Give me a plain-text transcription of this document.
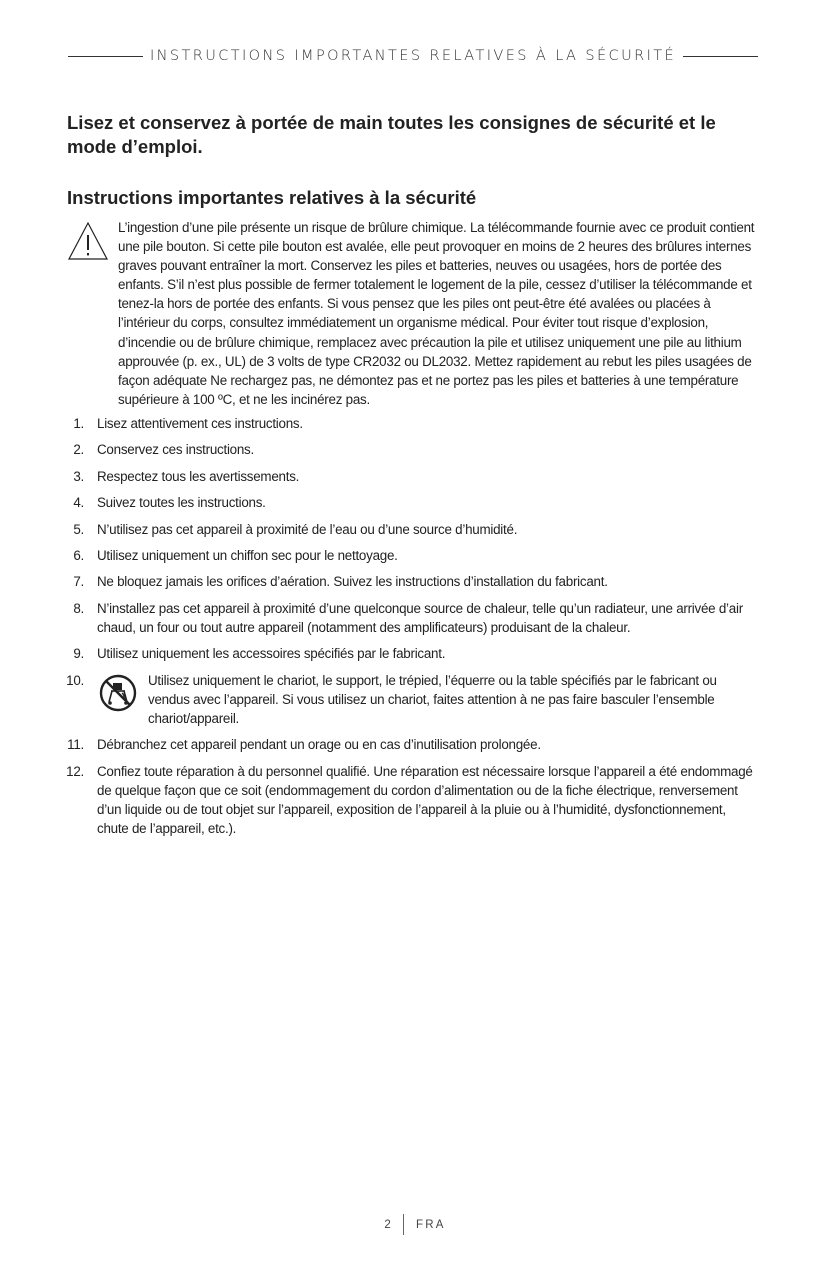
INSTRUCTIONS IMPORTANTES RELATIVES À LA SÉCURITÉ
Lisez et conservez à portée de main toutes les consignes de sécurité et le mode d’emploi.
Instructions importantes relatives à la sécurité
L’ingestion d’une pile présente un risque de brûlure chimique. La télécommande fournie avec ce produit contient une pile bouton. Si cette pile bouton est avalée, elle peut provoquer en moins de 2 heures des brûlures internes graves pouvant entraîner la mort. Conservez les piles et batteries, neuves ou usagées, hors de portée des enfants. S’il n’est plus possible de fermer totalement le logement de la pile, cessez d’utiliser la télécommande et tenez-la hors de portée des enfants. Si vous pensez que les piles ont peut-être été avalées ou placées à l’intérieur du corps, consultez immédiatement un organisme médical. Pour éviter tout risque d’explosion, d’incendie ou de brûlure chimique, remplacez avec précaution la pile et utilisez uniquement une pile au lithium approuvée (p. ex., UL) de 3 volts de type CR2032 ou DL2032. Mettez rapidement au rebut les piles usagées de façon adéquate Ne rechargez pas, ne démontez pas et ne portez pas les piles et batteries à une température supérieure à 100 ºC, et ne les incinérez pas.
1. Lisez attentivement ces instructions.
2. Conservez ces instructions.
3. Respectez tous les avertissements.
4. Suivez toutes les instructions.
5. N’utilisez pas cet appareil à proximité de l’eau ou d’une source d’humidité.
6. Utilisez uniquement un chiffon sec pour le nettoyage.
7. Ne bloquez jamais les orifices d’aération. Suivez les instructions d’installation du fabricant.
8. N’installez pas cet appareil à proximité d’une quelconque source de chaleur, telle qu’un radiateur, une arrivée d’air chaud, un four ou tout autre appareil (notamment des amplificateurs) produisant de la chaleur.
9. Utilisez uniquement les accessoires spécifiés par le fabricant.
10.	Utilisez uniquement le chariot, le support, le trépied, l’équerre ou la table spécifiés par le fabricant ou vendus avec l’appareil. Si vous utilisez un chariot, faites attention à ne pas faire basculer l’ensemble chariot/appareil.
11. Débranchez cet appareil pendant un orage ou en cas d’inutilisation prolongée.
12. Confiez toute réparation à du personnel qualifié. Une réparation est nécessaire lorsque l’appareil a été endommagé de quelque façon que ce soit (endommagement du cordon d’alimentation ou de la fiche électrique, renversement d’un liquide ou de tout objet sur l’appareil, exposition de l’appareil à la pluie ou à l’humidité, dysfonctionnement, chute de l’appareil, etc.).
2	FRA
